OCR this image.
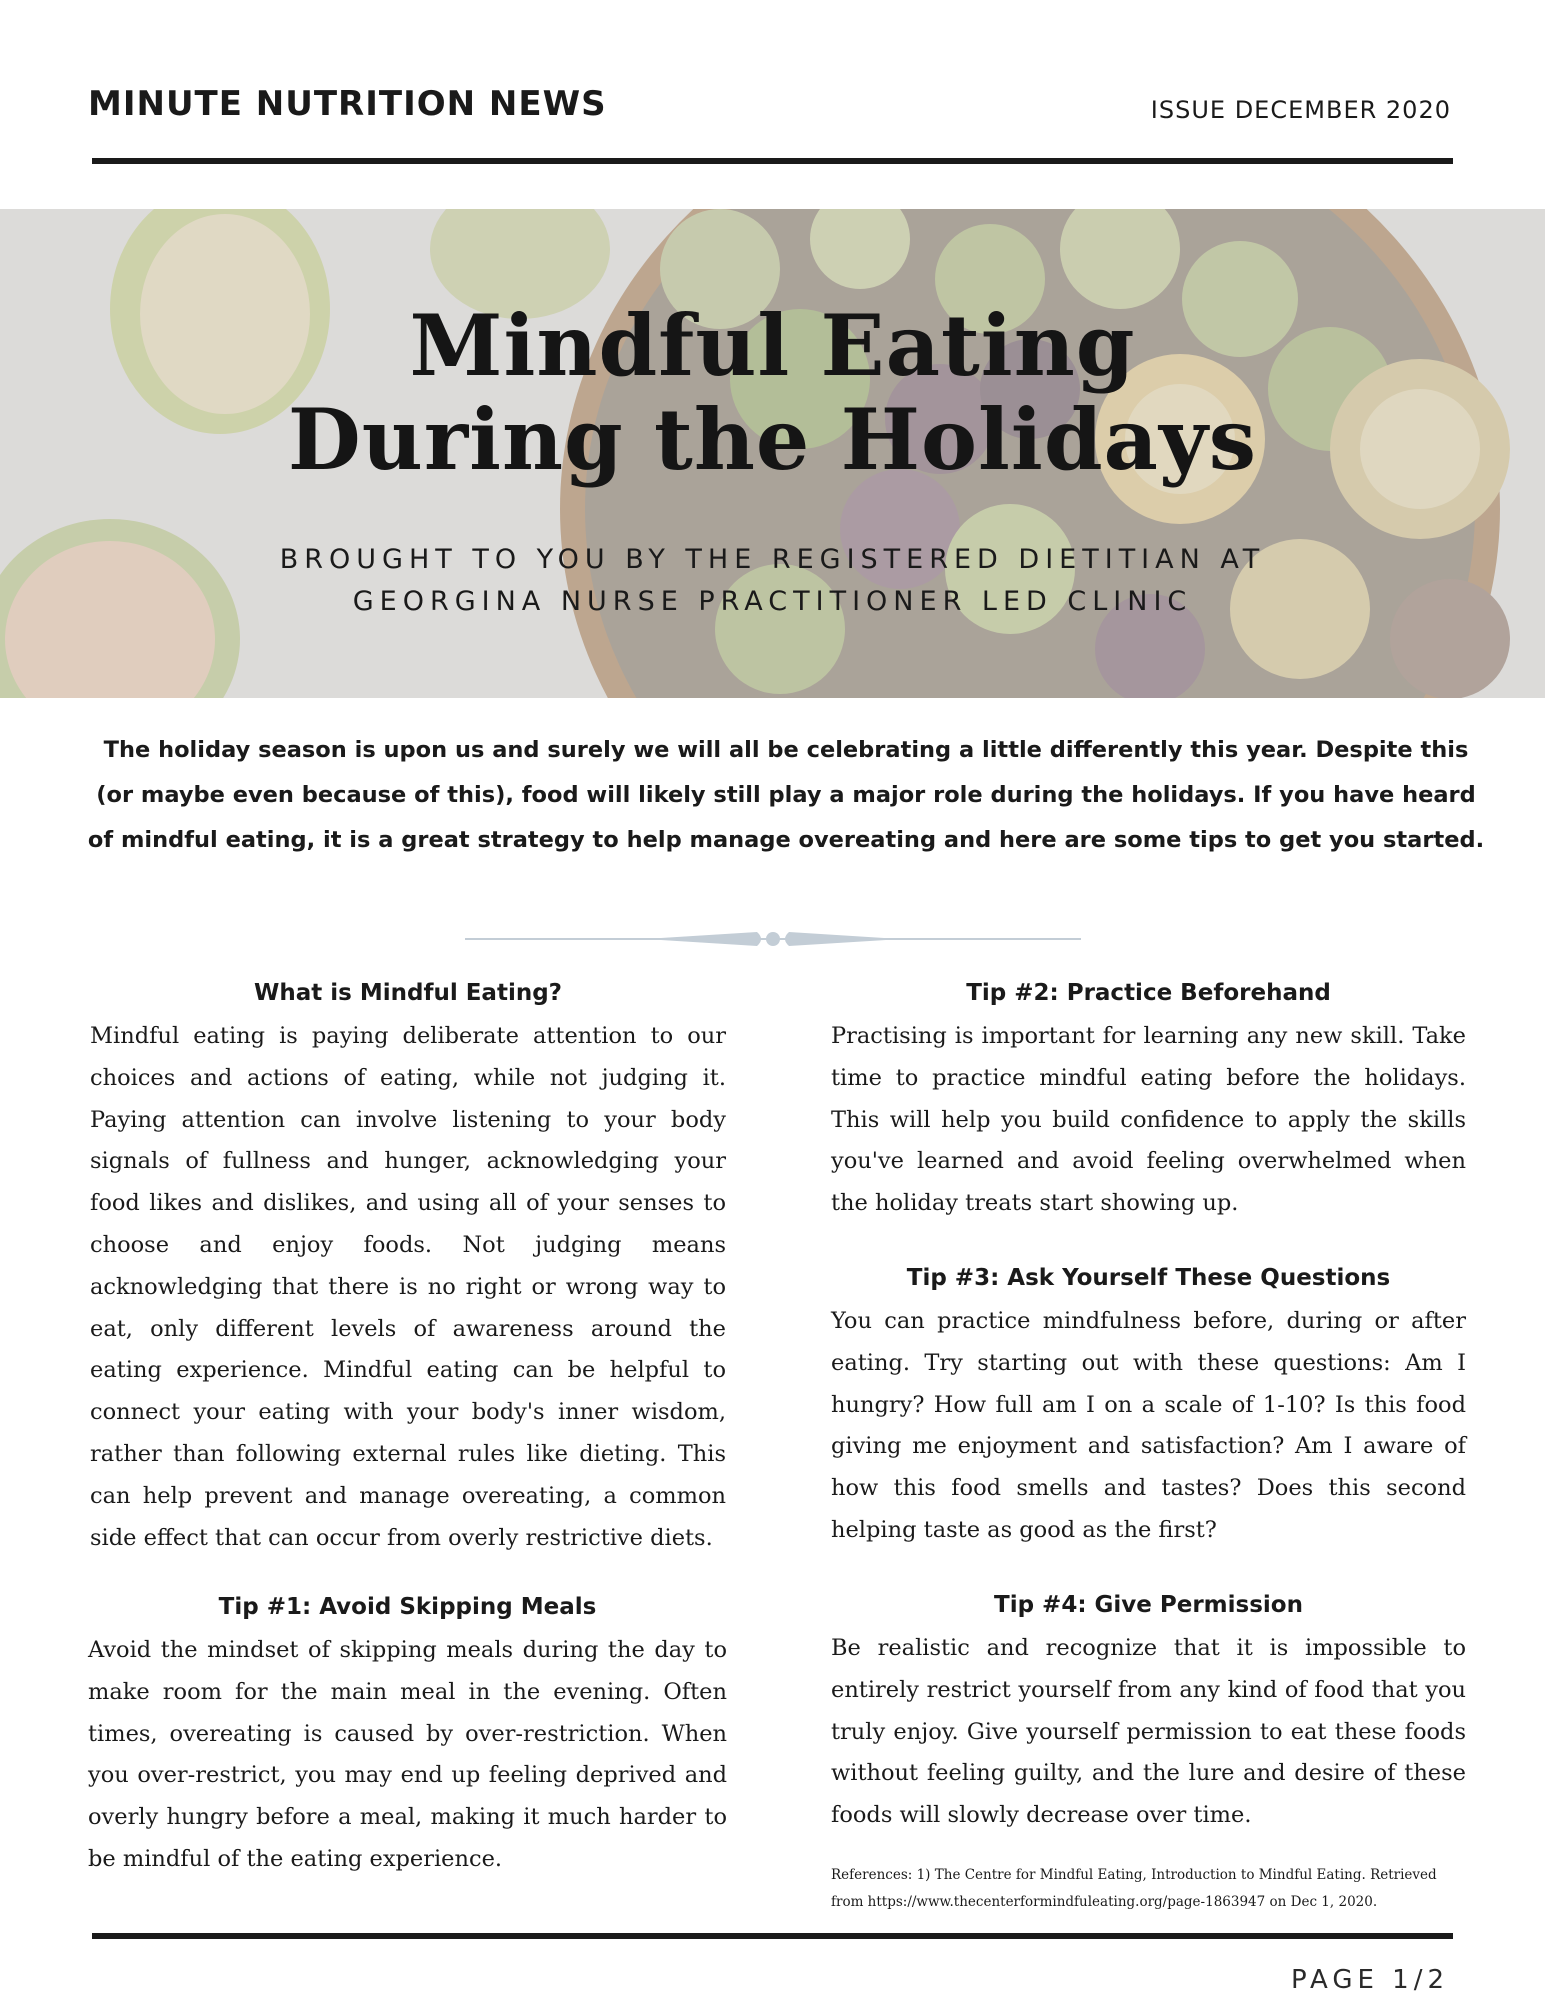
MINUTE NUTRITION NEWS	ISSUE DECEMBER 2020
Mindful Eating
During the Holidays
BROUGHT TO YOU BY THE REGISTERED DIETITIAN AT
GEORGINA NURSE PRACTITIONER LED CLINIC
The holiday season is upon us and surely we will all be celebrating a little differently this year. Despite this (or maybe even because of this), food will likely still play a major role during the holidays. If you have heard of mindful eating, it is a great strategy to help manage overeating and here are some tips to get you started.
What is Mindful Eating?

Mindful eating is paying deliberate attention to our choices and actions of eating, while not judging it. Paying attention can involve listening to your body signals of fullness and hunger, acknowledging your food likes and dislikes, and using all of your senses to choose and enjoy foods. Not judging means acknowledging that there is no right or wrong way to eat, only different levels of awareness around the eating experience. Mindful eating can be helpful to connect your eating with your body's inner wisdom, rather than following external rules like dieting. This can help prevent and manage overeating, a common side effect that can occur from overly restrictive diets.

Tip #1: Avoid Skipping Meals

Avoid the mindset of skipping meals during the day to make room for the main meal in the evening. Often times, overeating is caused by over-restriction. When you over-restrict, you may end up feeling deprived and overly hungry before a meal, making it much harder to be mindful of the eating experience.

Tip #2: Practice Beforehand

Practising is important for learning any new skill. Take time to practice mindful eating before the holidays. This will help you build confidence to apply the skills you've learned and avoid feeling overwhelmed when the holiday treats start showing up.

Tip #3: Ask Yourself These Questions

You can practice mindfulness before, during or after eating. Try starting out with these questions: Am I hungry? How full am I on a scale of 1-10? Is this food giving me enjoyment and satisfaction? Am I aware of how this food smells and tastes? Does this second helping taste as good as the first?

Tip #4: Give Permission

Be realistic and recognize that it is impossible to entirely restrict yourself from any kind of food that you truly enjoy. Give yourself permission to eat these foods without feeling guilty, and the lure and desire of these foods will slowly decrease over time.

References: 1) The Centre for Mindful Eating, Introduction to Mindful Eating. Retrieved from https://www.thecenterformindfuleating.org/page-1863947 on Dec 1, 2020.
PAGE 1/2
